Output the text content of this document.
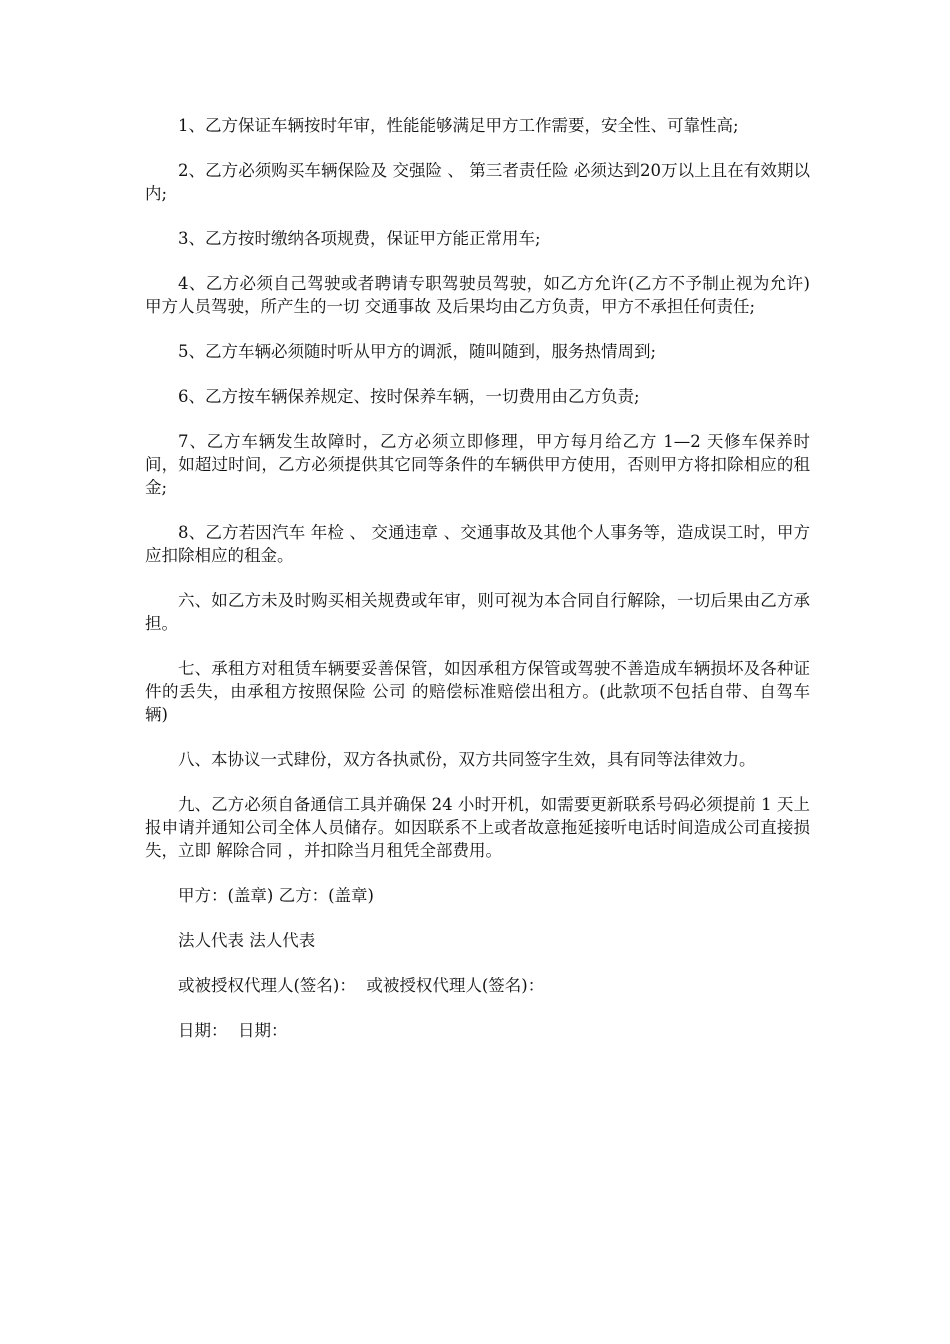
1、乙方保证车辆按时年审，性能能够满足甲方工作需要，安全性、可靠性高;

2、乙方必须购买车辆保险及 交强险 、 第三者责任险 必须达到20万以上且在有效期以内;

3、乙方按时缴纳各项规费，保证甲方能正常用车;

4、乙方必须自己驾驶或者聘请专职驾驶员驾驶，如乙方允许(乙方不予制止视为允许)甲方人员驾驶，所产生的一切 交通事故 及后果均由乙方负责，甲方不承担任何责任;

5、乙方车辆必须随时听从甲方的调派，随叫随到，服务热情周到;

6、乙方按车辆保养规定、按时保养车辆，一切费用由乙方负责;

7、乙方车辆发生故障时，乙方必须立即修理，甲方每月给乙方 1—2 天修车保养时间，如超过时间，乙方必须提供其它同等条件的车辆供甲方使用，否则甲方将扣除相应的租金;

8、乙方若因汽车 年检 、 交通违章 、交通事故及其他个人事务等，造成误工时，甲方应扣除相应的租金。

六、如乙方未及时购买相关规费或年审，则可视为本合同自行解除，一切后果由乙方承担。

七、承租方对租赁车辆要妥善保管，如因承租方保管或驾驶不善造成车辆损坏及各种证件的丢失，由承租方按照保险 公司 的赔偿标准赔偿出租方。(此款项不包括自带、自驾车辆)

八、本协议一式肆份，双方各执贰份，双方共同签字生效，具有同等法律效力。

九、乙方必须自备通信工具并确保 24 小时开机，如需要更新联系号码必须提前 1 天上报申请并通知公司全体人员储存。如因联系不上或者故意拖延接听电话时间造成公司直接损失，立即 解除合同 ，并扣除当月租凭全部费用。

甲方：(盖章) 乙方：(盖章)

法人代表 法人代表

或被授权代理人(签名)：  或被授权代理人(签名)：

日期：  日期：
